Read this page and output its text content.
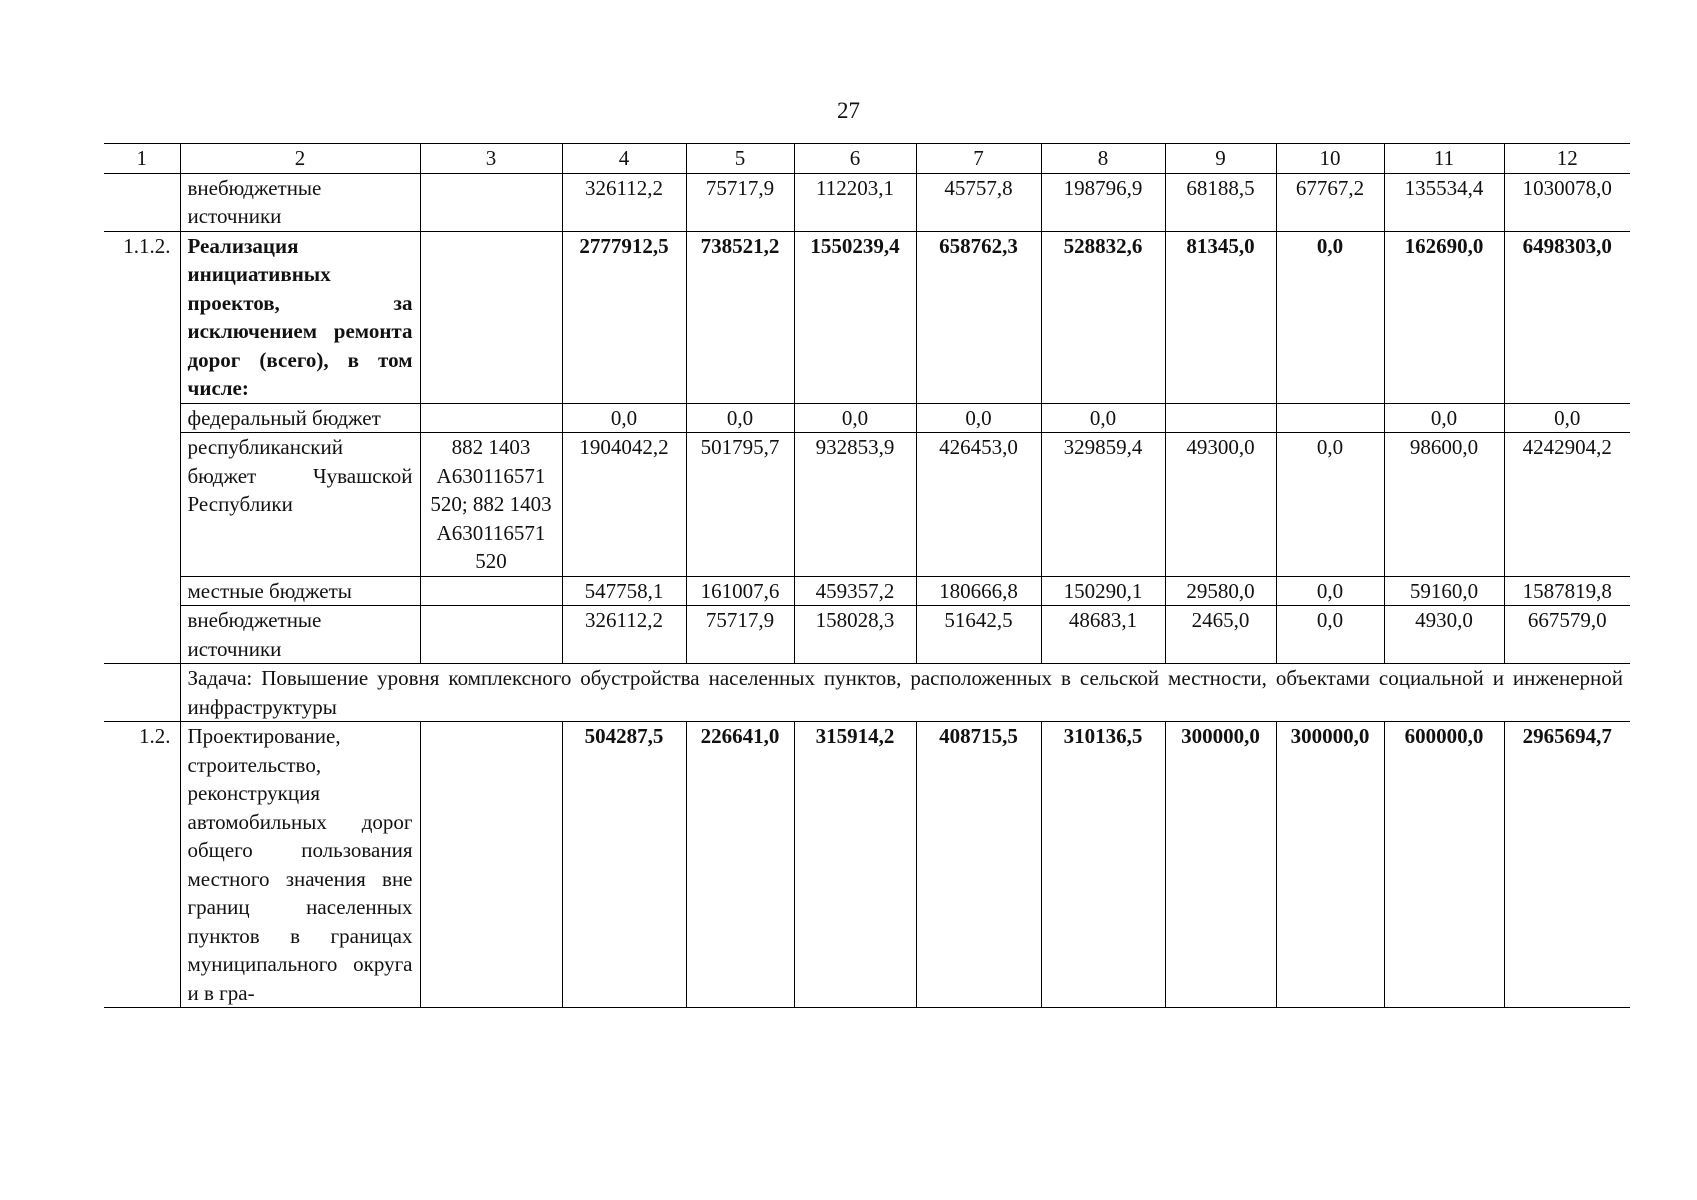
27
1	2	3	4	5	6	7	8	9	10	11	12
	внебюджетные источники		326112,2	75717,9	112203,1	45757,8	198796,9	68188,5	67767,2	135534,4	1030078,0
1.1.2.	Реализация инициативных проектов, за исключением ремонта дорог (всего), в том числе:		2777912,5	738521,2	1550239,4	658762,3	528832,6	81345,0	0,0	162690,0	6498303,0
	федеральный бюджет		0,0	0,0	0,0	0,0	0,0			0,0	0,0
	республиканский бюджет Чувашской Республики	882 1403 А630116571 520; 882 1403 А630116571 520	1904042,2	501795,7	932853,9	426453,0	329859,4	49300,0	0,0	98600,0	4242904,2
	местные бюджеты		547758,1	161007,6	459357,2	180666,8	150290,1	29580,0	0,0	59160,0	1587819,8
	внебюджетные источники		326112,2	75717,9	158028,3	51642,5	48683,1	2465,0	0,0	4930,0	667579,0
	Задача: Повышение уровня комплексного обустройства населенных пунктов, расположенных в сельской местности, объектами социальной и инженерной инфраструктуры										
1.2.	Проектирование, строительство, реконструкция автомобильных дорог общего пользования местного значения вне границ населенных пунктов в границах муниципального округа и в гра-		504287,5	226641,0	315914,2	408715,5	310136,5	300000,0	300000,0	600000,0	2965694,7
